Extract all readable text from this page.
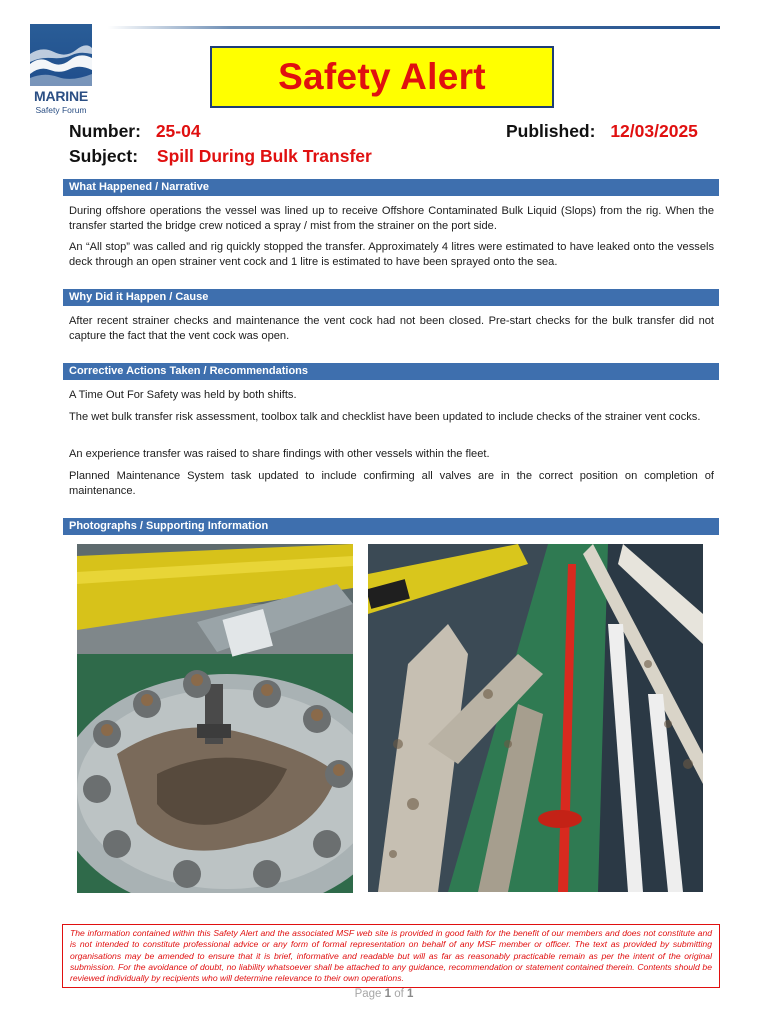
MARINE
Safety Forum
Safety Alert
Number: 25-04	Published: 12/03/2025
Subject: Spill During Bulk Transfer
What Happened / Narrative

During offshore operations the vessel was lined up to receive Offshore Contaminated Bulk Liquid (Slops) from the rig. When the transfer started the bridge crew noticed a spray / mist from the strainer on the port side.

An “All stop” was called and rig quickly stopped the transfer. Approximately 4 litres were estimated to have leaked onto the vessels deck through an open strainer vent cock and 1 litre is estimated to have been sprayed onto the sea.

Why Did it Happen / Cause

After recent strainer checks and maintenance the vent cock had not been closed. Pre-start checks for the bulk transfer did not capture the fact that the vent cock was open.

Corrective Actions Taken / Recommendations

A Time Out For Safety was held by both shifts.

The wet bulk transfer risk assessment, toolbox talk and checklist have been updated to include checks of the strainer vent cocks.

An experience transfer was raised to share findings with other vessels within the fleet.

Planned Maintenance System task updated to include confirming all valves are in the correct position on completion of maintenance.

Photographs / Supporting Information
The information contained within this Safety Alert and the associated MSF web site is provided in good faith for the benefit of our members and does not constitute and is not intended to constitute professional advice or any form of formal representation on behalf of any MSF member or officer. The text as provided by submitting organisations may be amended to ensure that it is brief, informative and readable but will as far as reasonably practicable remain as per the intent of the original submission. For the avoidance of doubt, no liability whatsoever shall be attached to any guidance, recommendation or statement contained therein. Contents should be reviewed individually by recipients who will determine relevance to their own operations.
Page 1 of 1
